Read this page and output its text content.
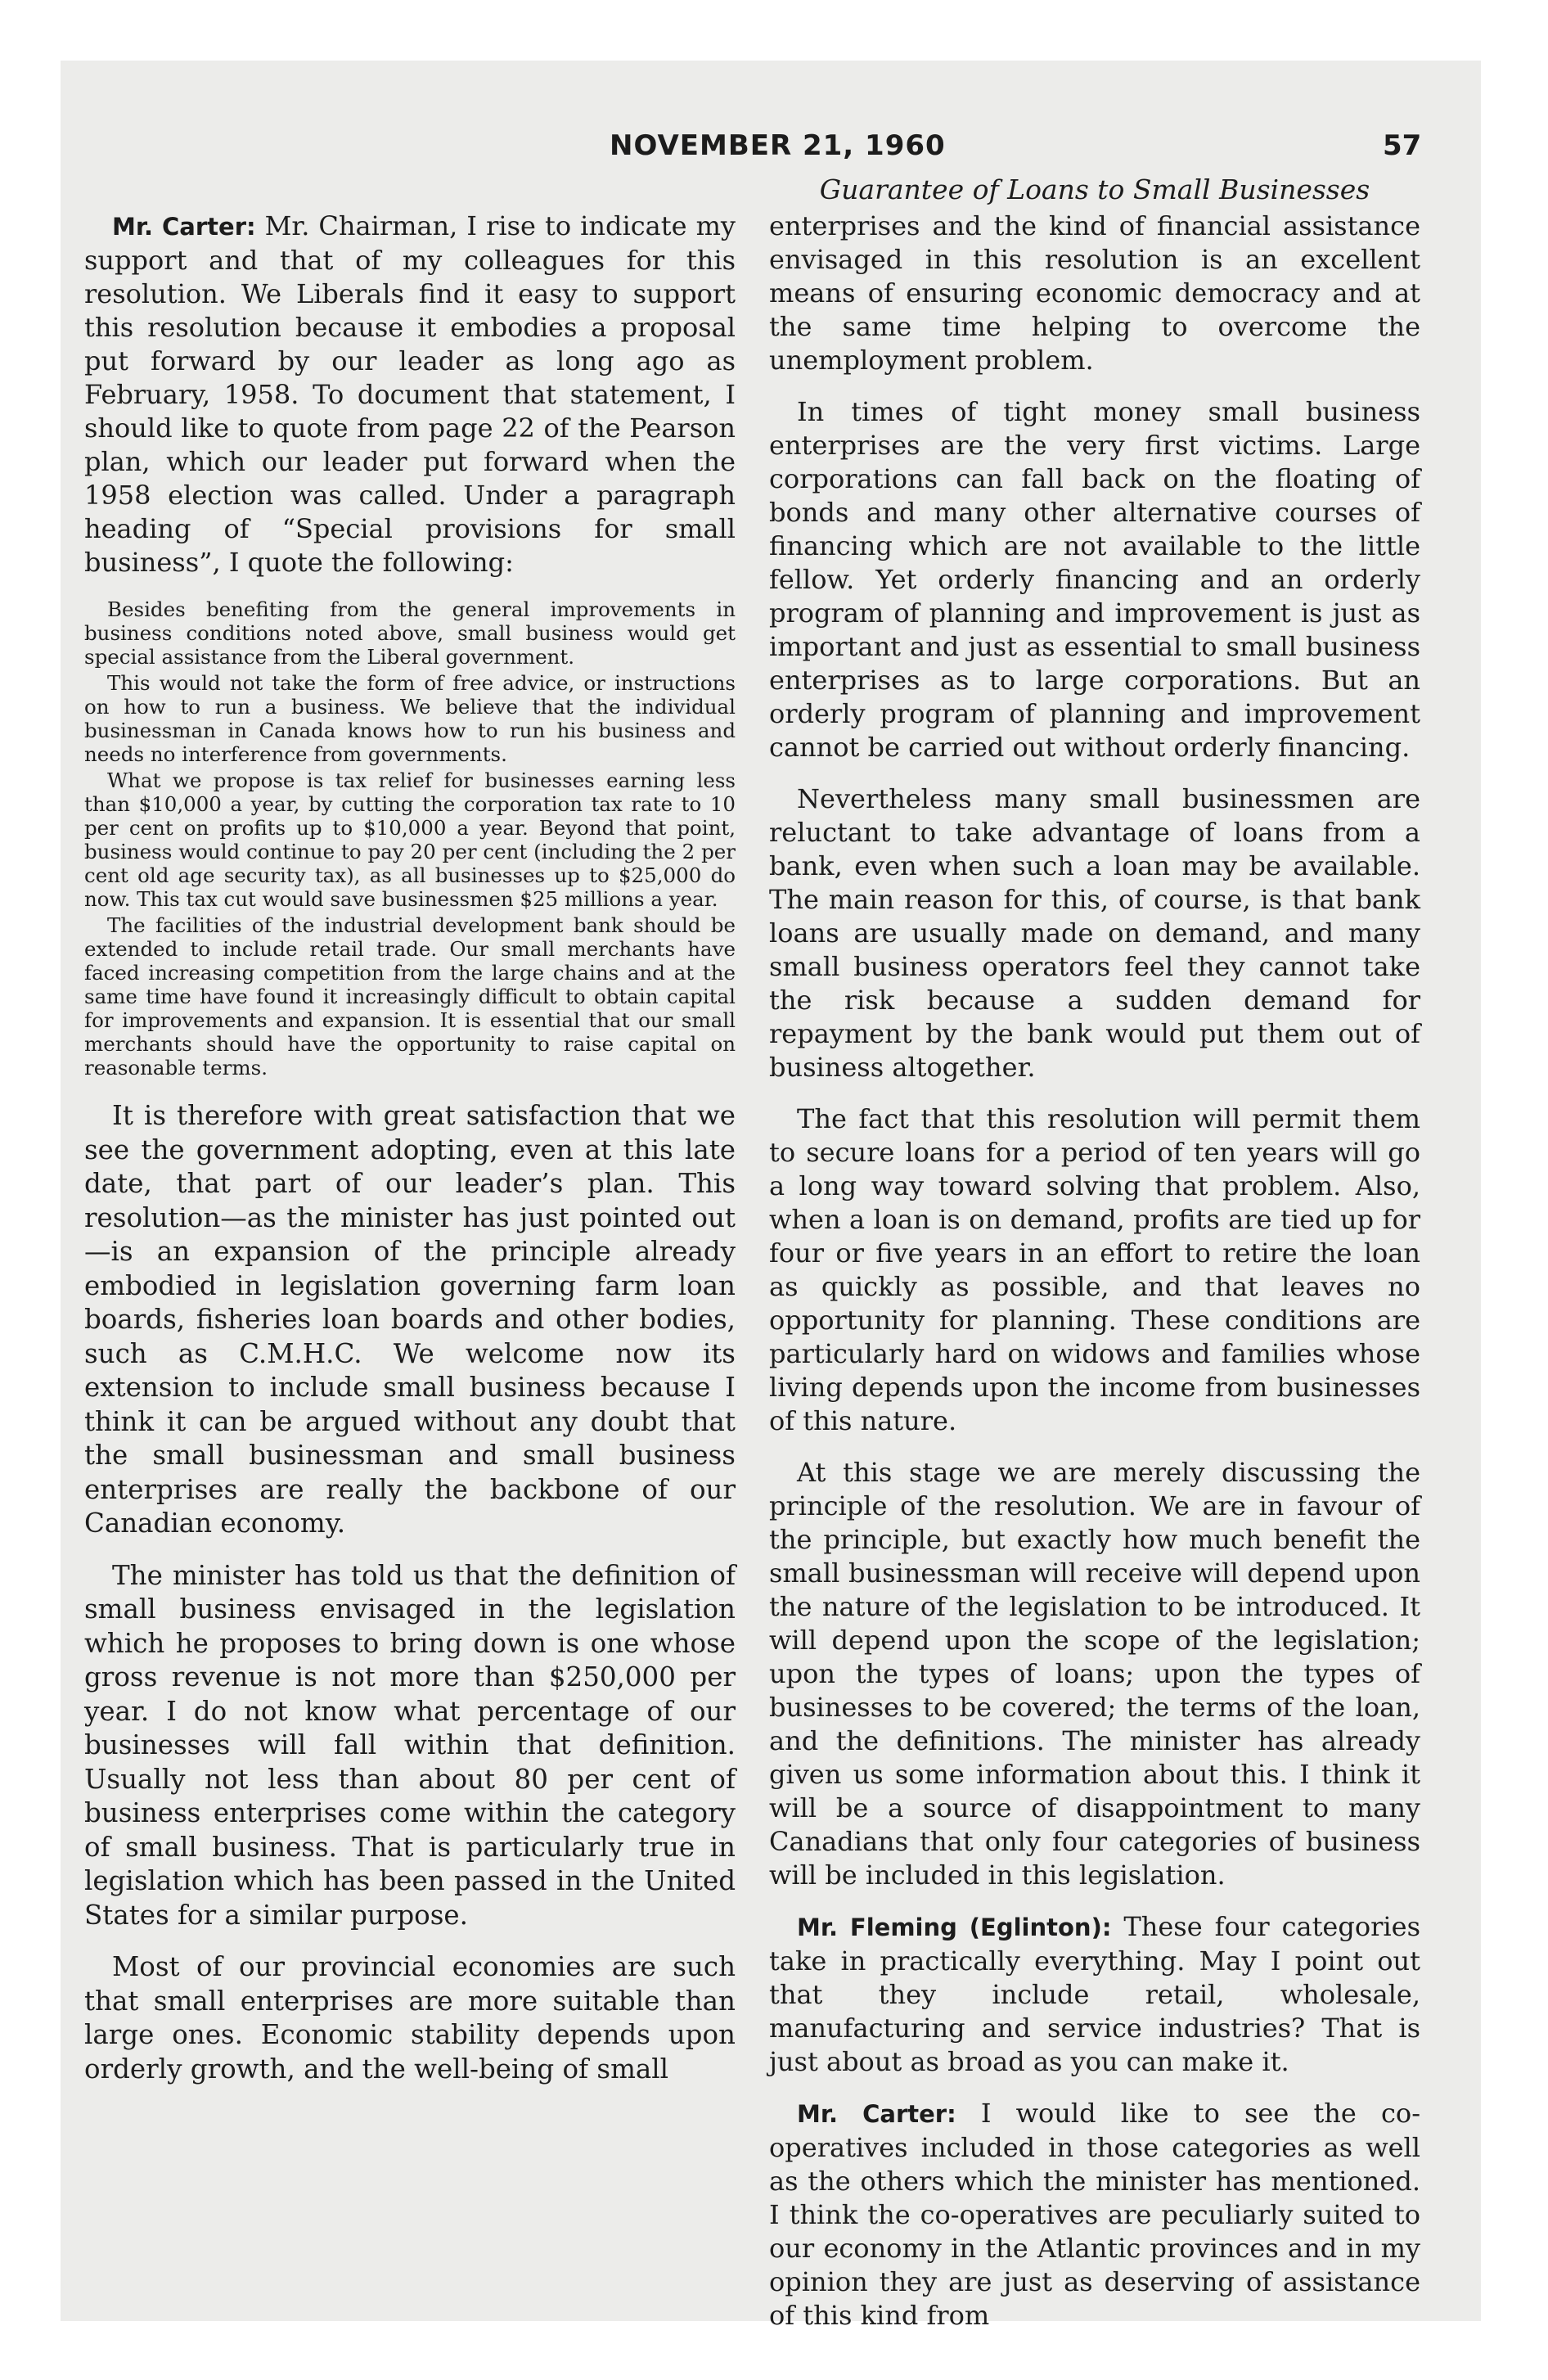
NOVEMBER 21, 1960	57
Guarantee of Loans to Small Businesses

Mr. Carter: Mr. Chairman, I rise to indicate my support and that of my colleagues for this resolution. We Liberals find it easy to support this resolution because it embodies a proposal put forward by our leader as long ago as February, 1958. To document that statement, I should like to quote from page 22 of the Pearson plan, which our leader put forward when the 1958 election was called. Under a paragraph heading of “Special provisions for small business”, I quote the following:

Besides benefiting from the general improvements in business conditions noted above, small business would get special assistance from the Liberal government.

This would not take the form of free advice, or instructions on how to run a business. We believe that the individual businessman in Canada knows how to run his business and needs no interference from governments.

What we propose is tax relief for businesses earning less than $10,000 a year, by cutting the corporation tax rate to 10 per cent on profits up to $10,000 a year. Beyond that point, business would continue to pay 20 per cent (including the 2 per cent old age security tax), as all businesses up to $25,000 do now. This tax cut would save businessmen $25 millions a year.

The facilities of the industrial development bank should be extended to include retail trade. Our small merchants have faced increasing competition from the large chains and at the same time have found it increasingly difficult to obtain capital for improvements and expansion. It is essential that our small merchants should have the opportunity to raise capital on reasonable terms.

It is therefore with great satisfaction that we see the government adopting, even at this late date, that part of our leader’s plan. This resolution—as the minister has just pointed out—is an expansion of the principle already embodied in legislation governing farm loan boards, fisheries loan boards and other bodies, such as C.M.H.C. We welcome now its extension to include small business because I think it can be argued without any doubt that the small businessman and small business enterprises are really the backbone of our Canadian economy.

The minister has told us that the definition of small business envisaged in the legislation which he proposes to bring down is one whose gross revenue is not more than $250,000 per year. I do not know what percentage of our businesses will fall within that definition. Usually not less than about 80 per cent of business enterprises come within the category of small business. That is particularly true in legislation which has been passed in the United States for a similar purpose.

Most of our provincial economies are such that small enterprises are more suitable than large ones. Economic stability depends upon orderly growth, and the well-being of small

enterprises and the kind of financial assistance envisaged in this resolution is an excellent means of ensuring economic democracy and at the same time helping to overcome the unemployment problem.

In times of tight money small business enterprises are the very first victims. Large corporations can fall back on the floating of bonds and many other alternative courses of financing which are not available to the little fellow. Yet orderly financing and an orderly program of planning and improvement is just as important and just as essential to small business enterprises as to large corporations. But an orderly program of planning and improvement cannot be carried out without orderly financing.

Nevertheless many small businessmen are reluctant to take advantage of loans from a bank, even when such a loan may be available. The main reason for this, of course, is that bank loans are usually made on demand, and many small business operators feel they cannot take the risk because a sudden demand for repayment by the bank would put them out of business altogether.

The fact that this resolution will permit them to secure loans for a period of ten years will go a long way toward solving that problem. Also, when a loan is on demand, profits are tied up for four or five years in an effort to retire the loan as quickly as possible, and that leaves no opportunity for planning. These conditions are particularly hard on widows and families whose living depends upon the income from businesses of this nature.

At this stage we are merely discussing the principle of the resolution. We are in favour of the principle, but exactly how much benefit the small businessman will receive will depend upon the nature of the legislation to be introduced. It will depend upon the scope of the legislation; upon the types of loans; upon the types of businesses to be covered; the terms of the loan, and the definitions. The minister has already given us some information about this. I think it will be a source of disappointment to many Canadians that only four categories of business will be included in this legislation.

Mr. Fleming (Eglinton): These four categories take in practically everything. May I point out that they include retail, wholesale, manufacturing and service industries? That is just about as broad as you can make it.

Mr. Carter: I would like to see the co-operatives included in those categories as well as the others which the minister has mentioned. I think the co-operatives are peculiarly suited to our economy in the Atlantic provinces and in my opinion they are just as deserving of assistance of this kind from
